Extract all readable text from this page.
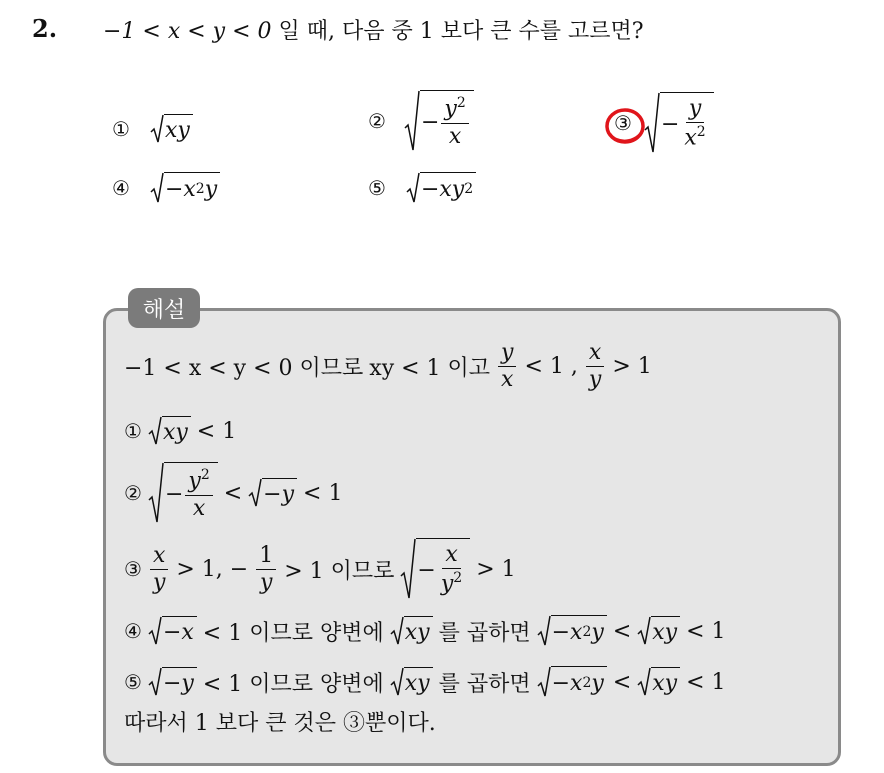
2. −1 < x < y < 0 일 때, 다음 중 1 보다 큰 수를 고르면?
① xy	② − $\frac{y^2}{x}$	③ − $\frac{y}{x^2}$
④ − x 2 y	⑤ − xy 2
해설
−1 < x < y < 0 이므로 xy < 1 이고 $\frac{y}{x} < 1$ , $\frac{x}{y} > 1$
① xy < 1
② − $\frac{y^2}{x}$ < − y < 1
③ $\frac{x}{y} > 1$, − $\frac{1}{y} > 1$ 이므로 − $\frac{x}{y^2} > 1$
④ − x < 1 이므로 양변에 xy 를 곱하면 − x 2 y < xy < 1
⑤ − y < 1 이므로 양변에 xy 를 곱하면 − x 2 y < xy < 1
따라서 1 보다 큰 것은 ③뿐이다.
